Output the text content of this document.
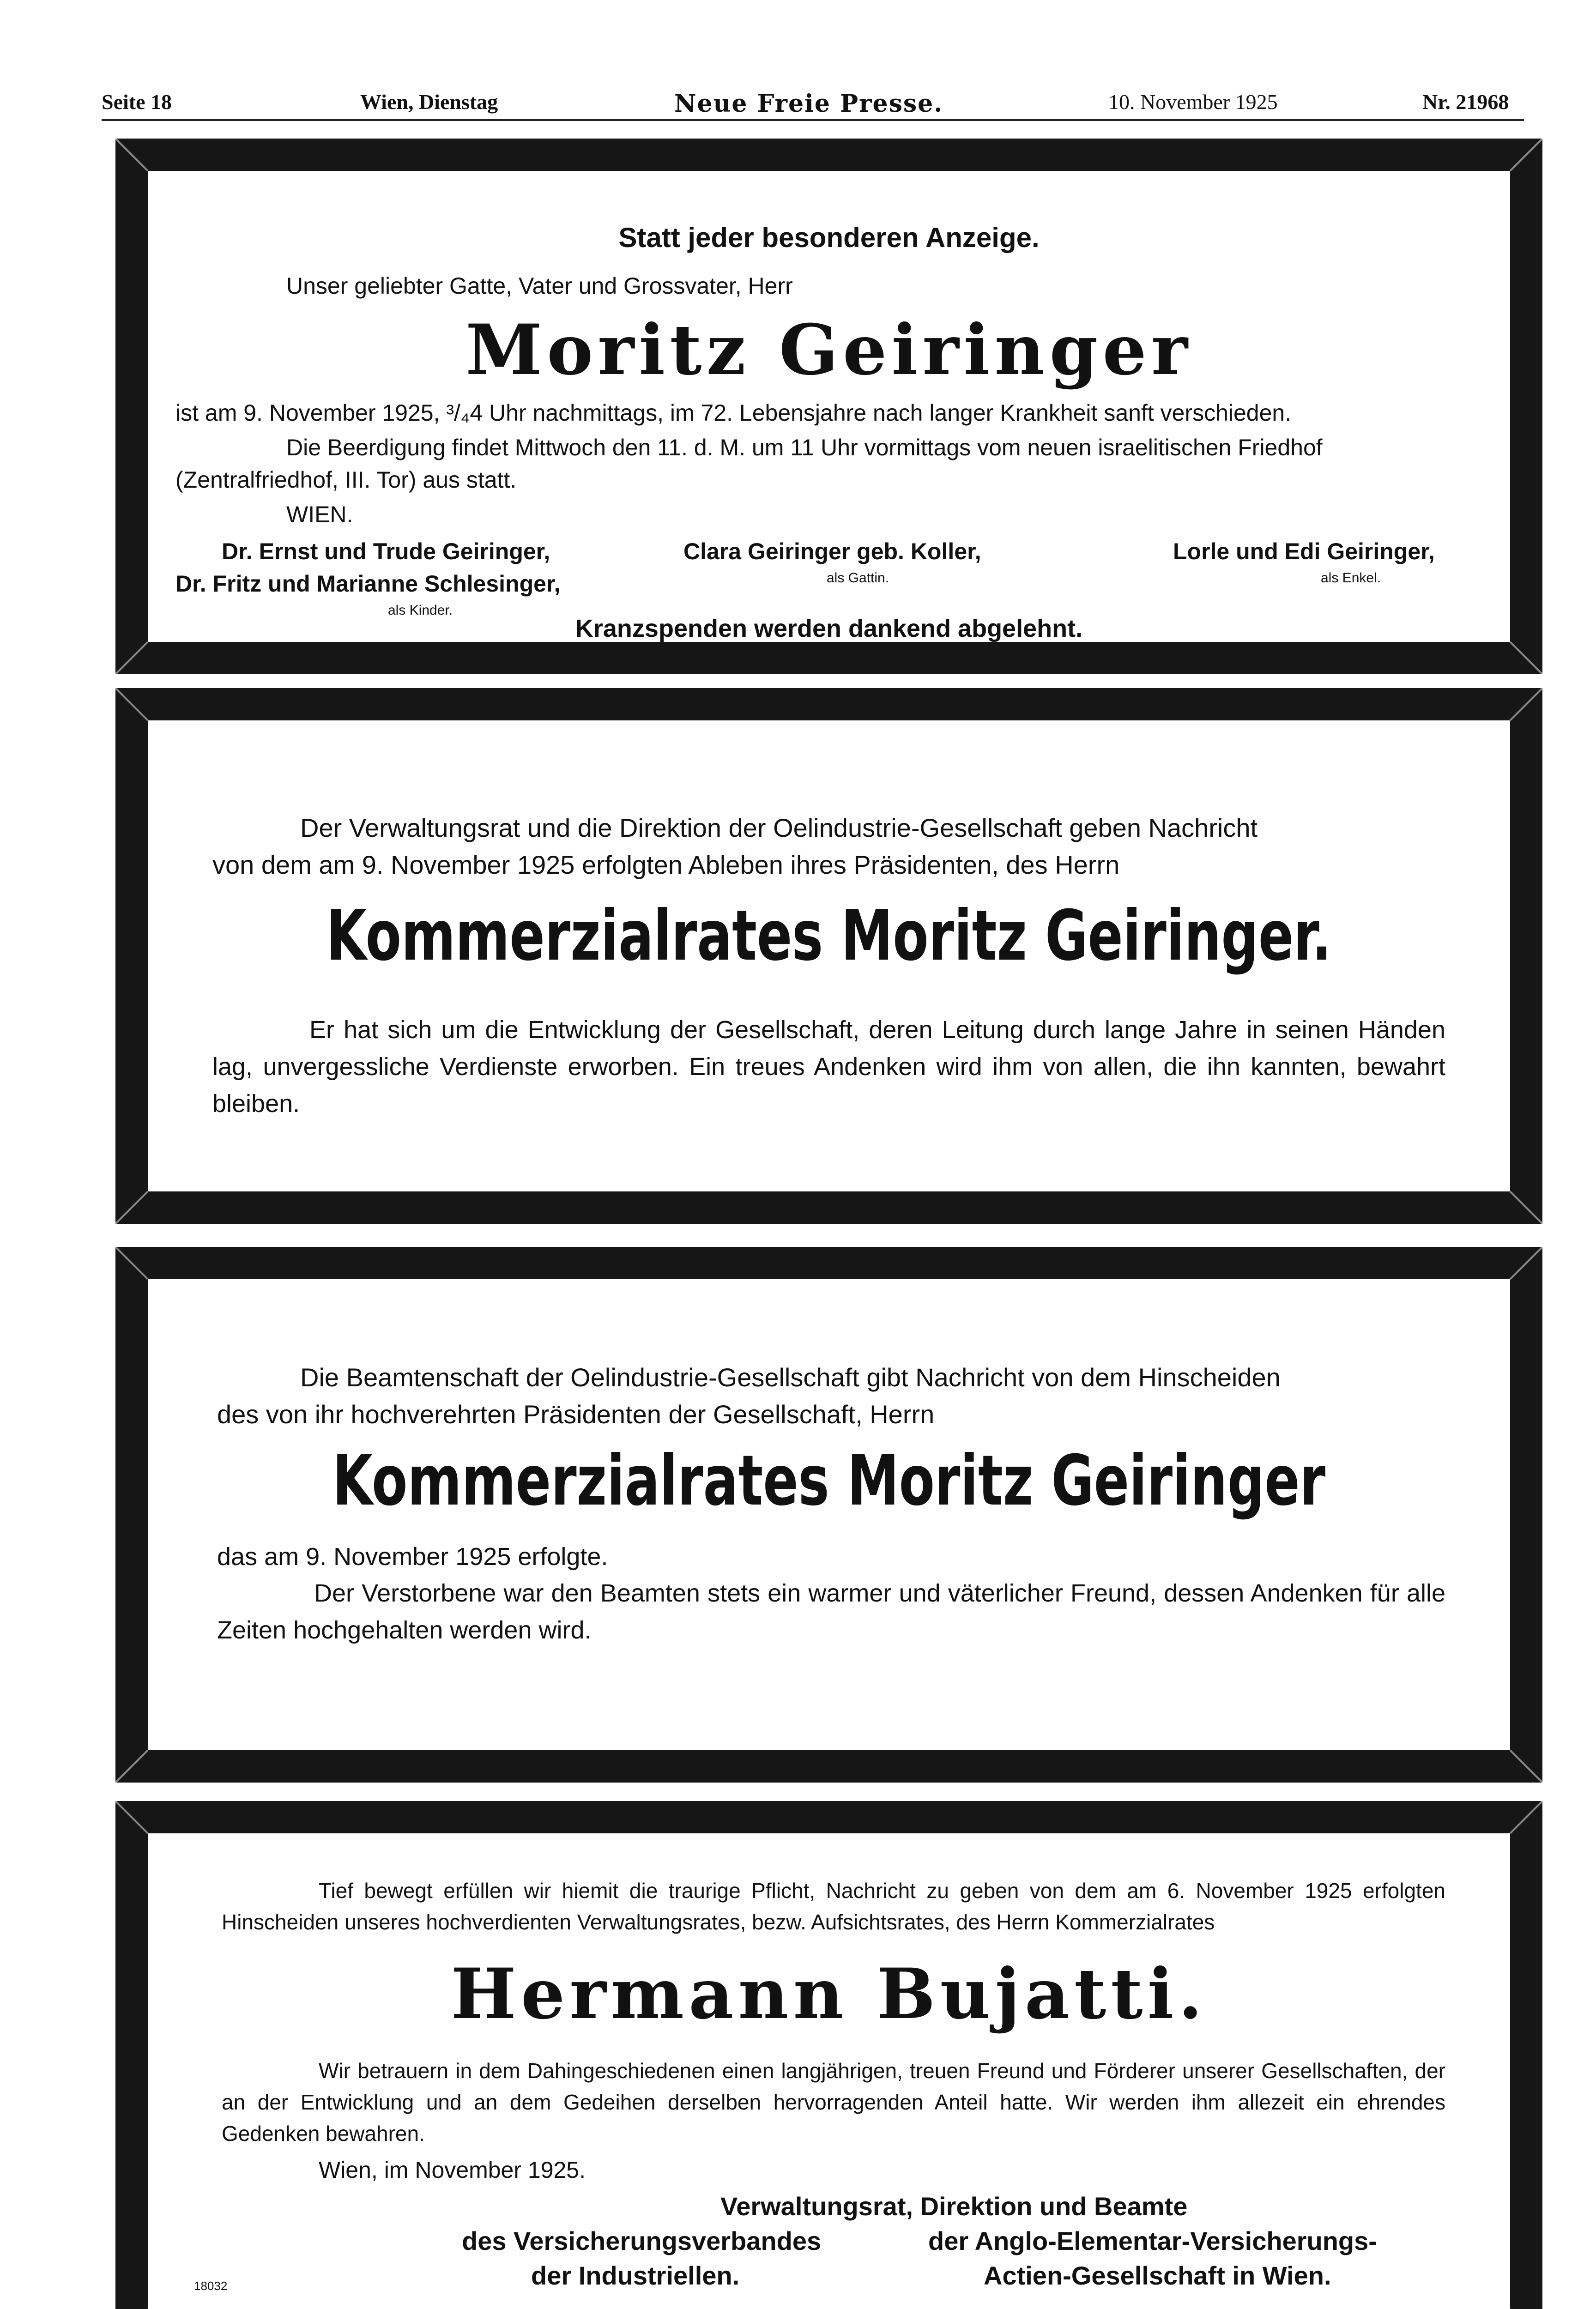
Seite 18	Wien, Dienstag	Neue Freie Presse.	10. November 1925	Nr. 21968
Statt jeder besonderen Anzeige.
Unser geliebter Gatte, Vater und Grossvater, Herr
Moritz Geiringer
ist am 9. November 1925, ³/₄4 Uhr nachmittags, im 72. Lebensjahre nach langer Krankheit sanft verschieden.
Die Beerdigung findet Mittwoch den 11. d. M. um 11 Uhr vormittags vom neuen israelitischen Friedhof
(Zentralfriedhof, III. Tor) aus statt.
WIEN.
Dr. Ernst und Trude Geiringer,
Dr. Fritz und Marianne Schlesinger,
als Kinder.
Clara Geiringer geb. Koller,
als Gattin.
Lorle und Edi Geiringer,
als Enkel.
Kranzspenden werden dankend abgelehnt.
Der Verwaltungsrat und die Direktion der Oelindustrie-Gesellschaft geben Nachricht
von dem am 9. November 1925 erfolgten Ableben ihres Präsidenten, des Herrn
Kommerzialrates Moritz Geiringer.

Er hat sich um die Entwicklung der Gesellschaft, deren Leitung durch lange Jahre in seinen Händen lag, unvergessliche Verdienste erworben. Ein treues Andenken wird ihm von allen, die ihn kannten, bewahrt bleiben.

Die Beamtenschaft der Oelindustrie-Gesellschaft gibt Nachricht von dem Hinscheiden
des von ihr hochverehrten Präsidenten der Gesellschaft, Herrn
Kommerzialrates Moritz Geiringer
das am 9. November 1925 erfolgte.

Der Verstorbene war den Beamten stets ein warmer und väterlicher Freund, dessen Andenken für alle Zeiten hochgehalten werden wird.

Tief bewegt erfüllen wir hiemit die traurige Pflicht, Nachricht zu geben von dem am 6. November 1925 erfolgten Hinscheiden unseres hochverdienten Verwaltungsrates, bezw. Aufsichtsrates, des Herrn Kommerzialrates

Hermann Bujatti.

Wir betrauern in dem Dahingeschiedenen einen langjährigen, treuen Freund und Förderer unserer Gesellschaften, der an der Entwicklung und an dem Gedeihen derselben hervorragenden Anteil hatte. Wir werden ihm allezeit ein ehrendes Gedenken bewahren.

Wien, im November 1925.
Verwaltungsrat, Direktion und Beamte
des Versicherungsverbandes
der Industriellen.
der Anglo-Elementar-Versicherungs-
Actien-Gesellschaft in Wien.
18032
